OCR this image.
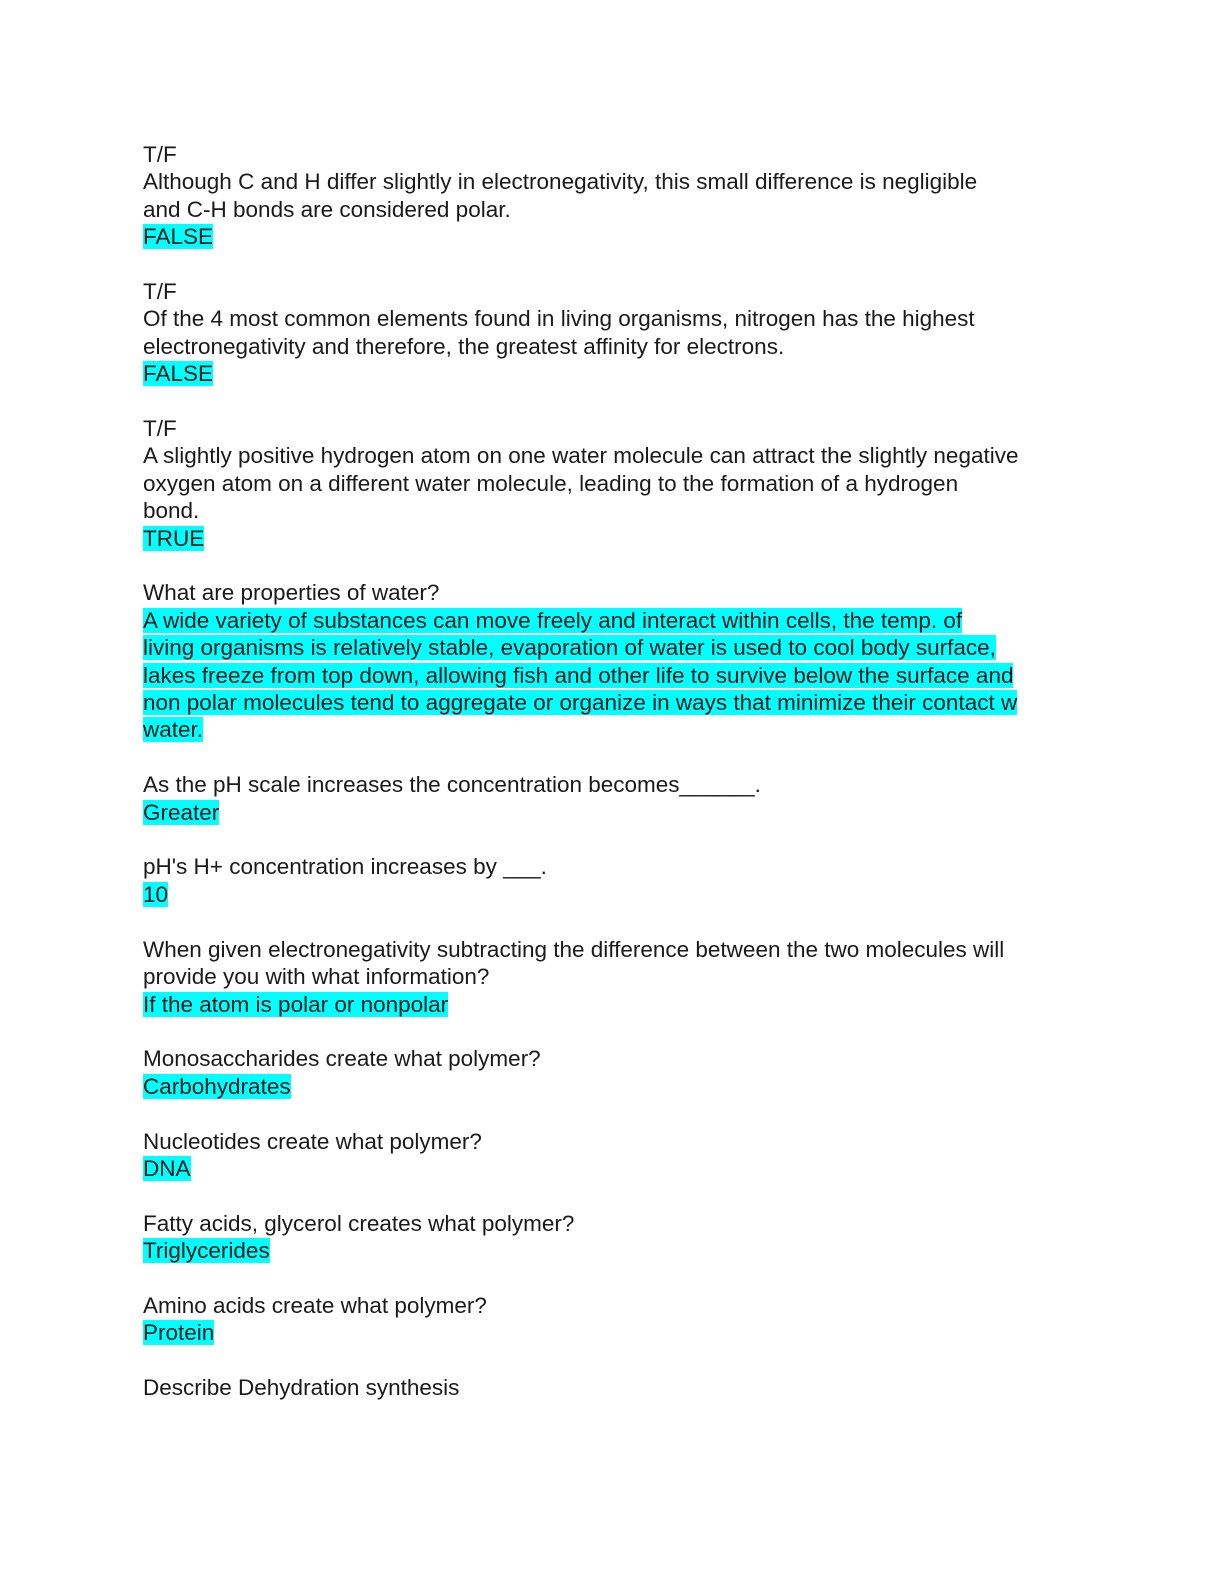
T/F
Although C and H differ slightly in electronegativity, this small difference is negligible
and C-H bonds are considered polar.
FALSE
T/F
Of the 4 most common elements found in living organisms, nitrogen has the highest
electronegativity and therefore, the greatest affinity for electrons.
FALSE
T/F
A slightly positive hydrogen atom on one water molecule can attract the slightly negative
oxygen atom on a different water molecule, leading to the formation of a hydrogen
bond.
TRUE
What are properties of water?
A wide variety of substances can move freely and interact within cells, the temp. of
living organisms is relatively stable, evaporation of water is used to cool body surface,
lakes freeze from top down, allowing fish and other life to survive below the surface and
non polar molecules tend to aggregate or organize in ways that minimize their contact w
water.
As the pH scale increases the concentration becomes______.
Greater
pH's H+ concentration increases by ___.
10
When given electronegativity subtracting the difference between the two molecules will
provide you with what information?
If the atom is polar or nonpolar
Monosaccharides create what polymer?
Carbohydrates
Nucleotides create what polymer?
DNA
Fatty acids, glycerol creates what polymer?
Triglycerides
Amino acids create what polymer?
Protein
Describe Dehydration synthesis
